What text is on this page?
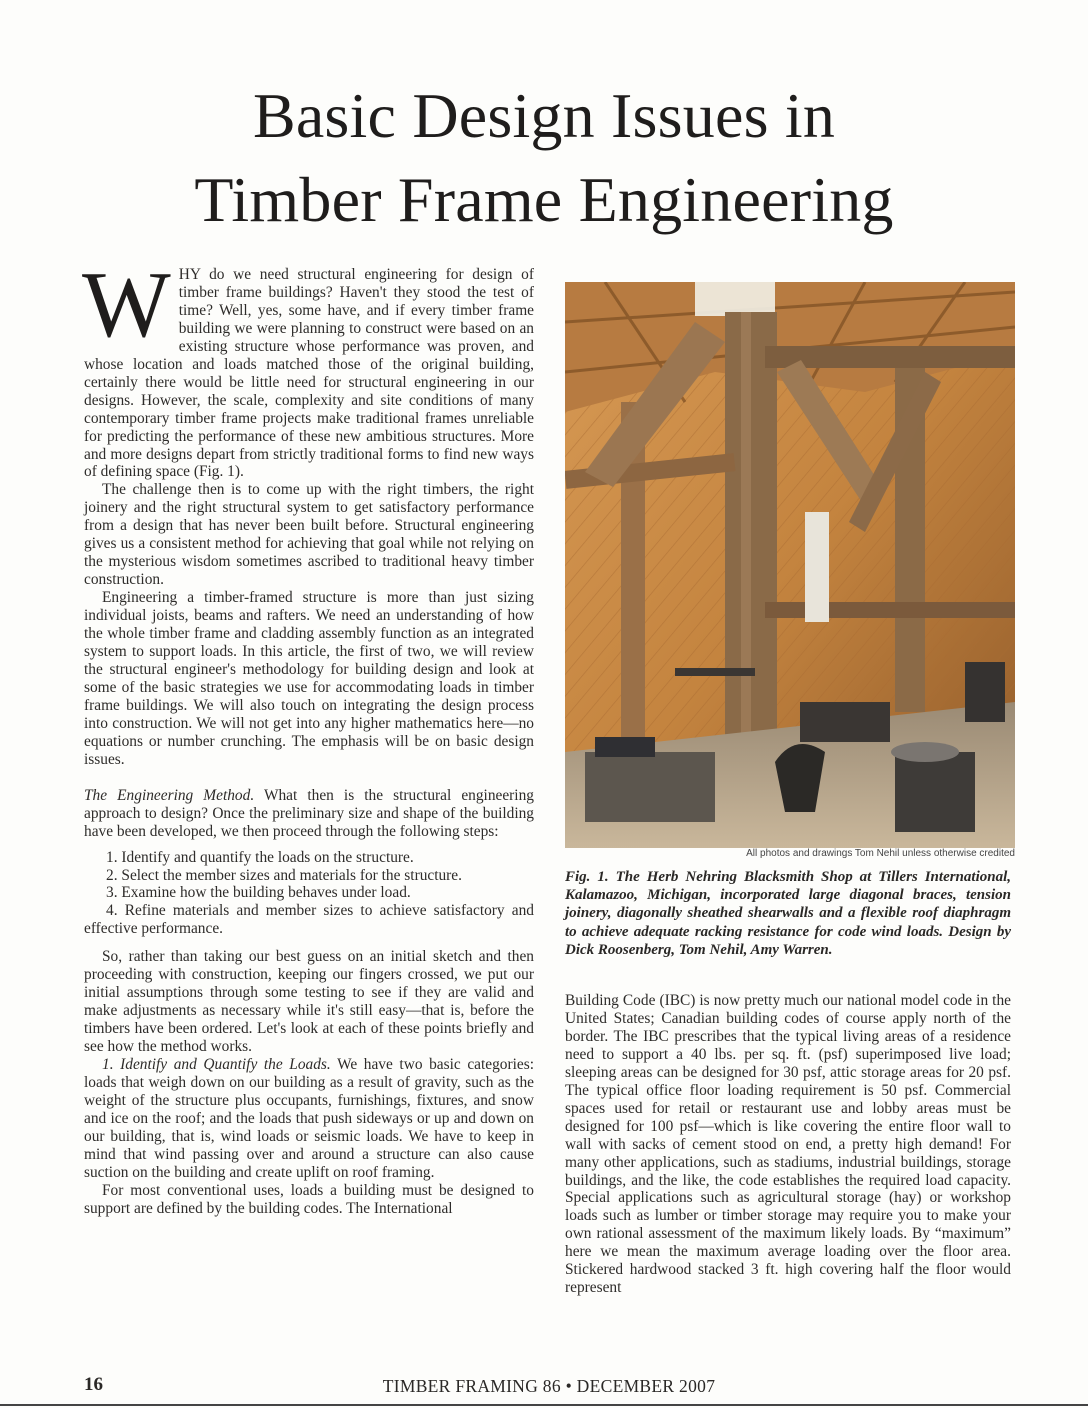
Basic Design Issues in
Timber Frame Engineering

WHY do we need structural engineering for design of timber frame buildings? Haven't they stood the test of time? Well, yes, some have, and if every timber frame building we were planning to construct were based on an existing structure whose performance was proven, and whose location and loads matched those of the original building, certainly there would be little need for structural engineering in our designs. However, the scale, complexity and site conditions of many contemporary timber frame projects make traditional frames unreliable for predicting the performance of these new ambitious structures. More and more designs depart from strictly traditional forms to find new ways of defining space (Fig. 1).

The challenge then is to come up with the right timbers, the right joinery and the right structural system to get satisfactory performance from a design that has never been built before. Structural engineering gives us a consistent method for achieving that goal while not relying on the mysterious wisdom sometimes ascribed to traditional heavy timber construction.

Engineering a timber-framed structure is more than just sizing individual joists, beams and rafters. We need an understanding of how the whole timber frame and cladding assembly function as an integrated system to support loads. In this article, the first of two, we will review the structural engineer's methodology for building design and look at some of the basic strategies we use for accommodating loads in timber frame buildings. We will also touch on integrating the design process into construction. We will not get into any higher mathematics here—no equations or number crunching. The emphasis will be on basic design issues.

The Engineering Method. What then is the structural engineering approach to design? Once the preliminary size and shape of the building have been developed, we then proceed through the following steps:

1. Identify and quantify the loads on the structure.
2. Select the member sizes and materials for the structure.
3. Examine how the building behaves under load.
4. Refine materials and member sizes to achieve satisfactory and effective performance.

So, rather than taking our best guess on an initial sketch and then proceeding with construction, keeping our fingers crossed, we put our initial assumptions through some testing to see if they are valid and make adjustments as necessary while it's still easy—that is, before the timbers have been ordered. Let's look at each of these points briefly and see how the method works.

1. Identify and Quantify the Loads. We have two basic categories: loads that weigh down on our building as a result of gravity, such as the weight of the structure plus occupants, furnishings, fixtures, and snow and ice on the roof; and the loads that push sideways or up and down on our building, that is, wind loads or seismic loads. We have to keep in mind that wind passing over and around a structure can also cause suction on the building and create uplift on roof framing.

For most conventional uses, loads a building must be designed to support are defined by the building codes. The International

All photos and drawings Tom Nehil unless otherwise credited
Fig. 1. The Herb Nehring Blacksmith Shop at Tillers International, Kalamazoo, Michigan, incorporated large diagonal braces, tension joinery, diagonally sheathed shearwalls and a flexible roof diaphragm to achieve adequate racking resistance for code wind loads. Design by Dick Roosenberg, Tom Nehil, Amy Warren.

Building Code (IBC) is now pretty much our national model code in the United States; Canadian building codes of course apply north of the border. The IBC prescribes that the typical living areas of a residence need to support a 40 lbs. per sq. ft. (psf) superimposed live load; sleeping areas can be designed for 30 psf, attic storage areas for 20 psf. The typical office floor loading requirement is 50 psf. Commercial spaces used for retail or restaurant use and lobby areas must be designed for 100 psf—which is like covering the entire floor wall to wall with sacks of cement stood on end, a pretty high demand! For many other applications, such as stadiums, industrial buildings, storage buildings, and the like, the code establishes the required load capacity. Special applications such as agricultural storage (hay) or workshop loads such as lumber or timber storage may require you to make your own rational assessment of the maximum likely loads. By “maximum” here we mean the maximum average loading over the floor area. Stickered hardwood stacked 3 ft. high covering half the floor would represent

16	TIMBER FRAMING 86 • DECEMBER 2007
